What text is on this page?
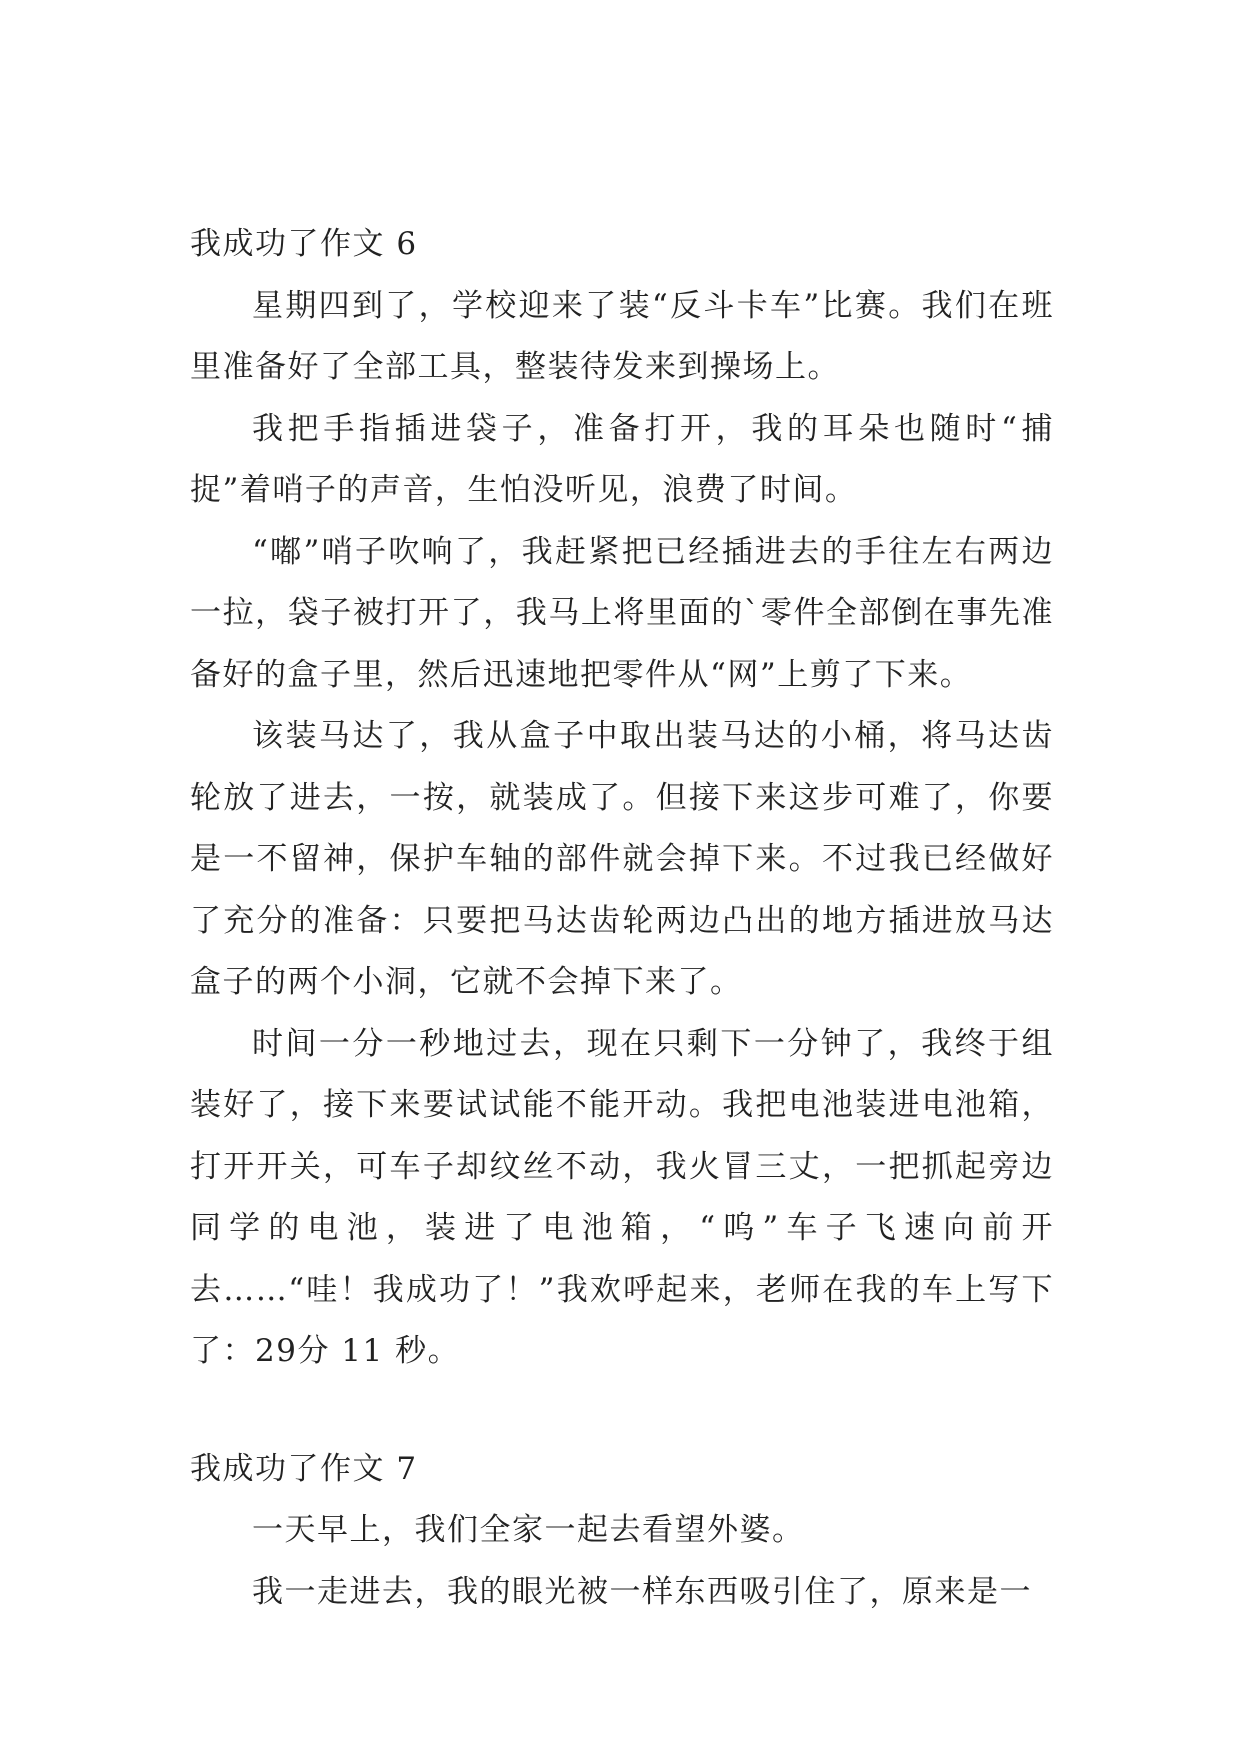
我成功了作文 6

星期四到了，学校迎来了装“反斗卡车”比赛。我们在班里准备好了全部工具，整装待发来到操场上。

我把手指插进袋子，准备打开，我的耳朵也随时“捕捉”着哨子的声音，生怕没听见，浪费了时间。

“嘟”哨子吹响了，我赶紧把已经插进去的手往左右两边一拉，袋子被打开了，我马上将里面的`零件全部倒在事先准备好的盒子里，然后迅速地把零件从“网”上剪了下来。

该装马达了，我从盒子中取出装马达的小桶，将马达齿轮放了进去，一按，就装成了。但接下来这步可难了，你要是一不留神，保护车轴的部件就会掉下来。不过我已经做好了充分的准备：只要把马达齿轮两边凸出的地方插进放马达盒子的两个小洞，它就不会掉下来了。

时间一分一秒地过去，现在只剩下一分钟了，我终于组装好了，接下来要试试能不能开动。我把电池装进电池箱，打开开关，可车子却纹丝不动，我火冒三丈，一把抓起旁边同学的电池，装进了电池箱，“呜”车子飞速向前开去……“哇！我成功了！”我欢呼起来，老师在我的车上写下了：29分 11 秒。

我成功了作文 7

一天早上，我们全家一起去看望外婆。

我一走进去，我的眼光被一样东西吸引住了，原来是一
